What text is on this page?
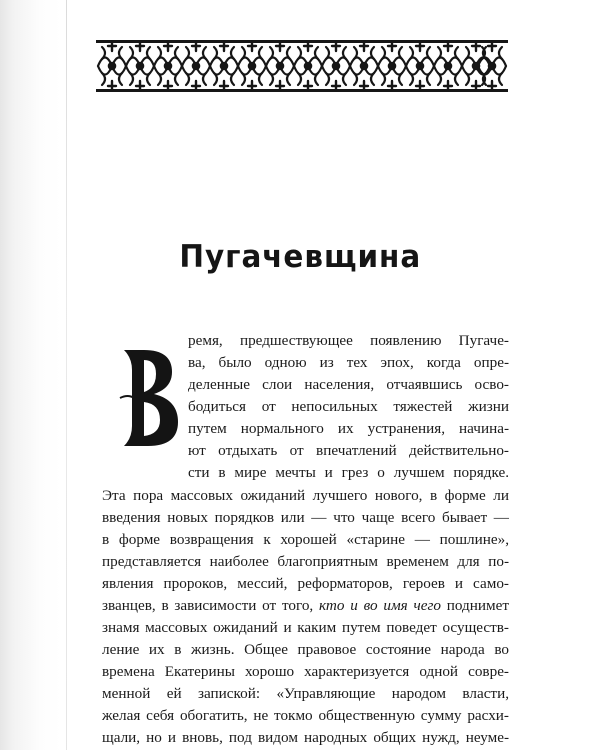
Пугачевщина
ремя, предшествующее появлению Пугаче-
ва, было одною из тех эпох, когда опре-
деленные слои населения, отчаявшись осво-
бодиться от непосильных тяжестей жизни
путем нормального их устранения, начина-
ют отдыхать от впечатлений действительно-
сти в мире мечты и грез о лучшем порядке.
Эта пора массовых ожиданий лучшего нового, в форме ли
введения новых порядков или — что чаще всего бывает —
в форме возвращения к хорошей «старине — пошлине»,
представляется наиболее благоприятным временем для по-
явления пророков, мессий, реформаторов, героев и само-
званцев, в зависимости от того, кто и во имя чего поднимет
знамя массовых ожиданий и каким путем поведет осуществ-
ление их в жизнь. Общее правовое состояние народа во
времена Екатерины хорошо характеризуется одной совре-
менной ей запиской: «Управляющие народом власти,
желая себя обогатить, не токмо общественную сумму расхи-
щали, но и вновь, под видом народных общих нужд, неуме-
